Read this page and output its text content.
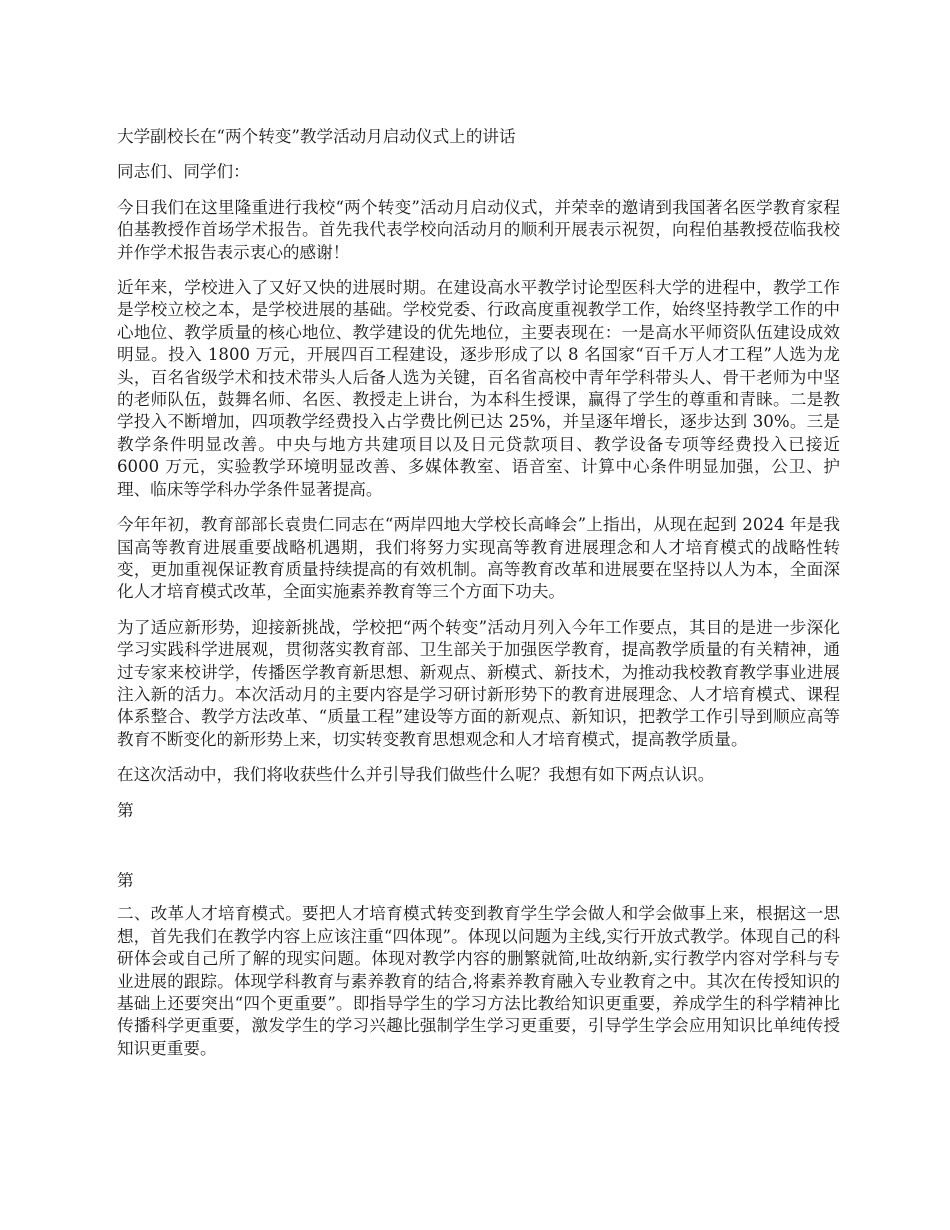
大学副校长在“两个转变”教学活动月启动仪式上的讲话

同志们、同学们：

今日我们在这里隆重进行我校“两个转变”活动月启动仪式，并荣幸的邀请到我国著名医学教育家程伯基教授作首场学术报告。首先我代表学校向活动月的顺利开展表示祝贺，向程伯基教授莅临我校并作学术报告表示衷心的感谢！

近年来，学校进入了又好又快的进展时期。在建设高水平教学讨论型医科大学的进程中，教学工作是学校立校之本，是学校进展的基础。学校党委、行政高度重视教学工作，始终坚持教学工作的中心地位、教学质量的核心地位、教学建设的优先地位，主要表现在：一是高水平师资队伍建设成效明显。投入 1800 万元，开展四百工程建设，逐步形成了以 8 名国家“百千万人才工程”人选为龙头，百名省级学术和技术带头人后备人选为关键，百名省高校中青年学科带头人、骨干老师为中坚的老师队伍，鼓舞名师、名医、教授走上讲台，为本科生授课，赢得了学生的尊重和青睐。二是教学投入不断增加，四项教学经费投入占学费比例已达 25%，并呈逐年增长，逐步达到 30%。三是教学条件明显改善。中央与地方共建项目以及日元贷款项目、教学设备专项等经费投入已接近 6000 万元，实验教学环境明显改善、多媒体教室、语音室、计算中心条件明显加强，公卫、护理、临床等学科办学条件显著提高。

今年年初，教育部部长袁贵仁同志在“两岸四地大学校长高峰会”上指出，从现在起到 2024 年是我国高等教育进展重要战略机遇期，我们将努力实现高等教育进展理念和人才培育模式的战略性转变，更加重视保证教育质量持续提高的有效机制。高等教育改革和进展要在坚持以人为本，全面深化人才培育模式改革，全面实施素养教育等三个方面下功夫。

为了适应新形势，迎接新挑战，学校把“两个转变”活动月列入今年工作要点，其目的是进一步深化学习实践科学进展观，贯彻落实教育部、卫生部关于加强医学教育，提高教学质量的有关精神，通过专家来校讲学，传播医学教育新思想、新观点、新模式、新技术，为推动我校教育教学事业进展注入新的活力。本次活动月的主要内容是学习研讨新形势下的教育进展理念、人才培育模式、课程体系整合、教学方法改革、“质量工程”建设等方面的新观点、新知识，把教学工作引导到顺应高等教育不断变化的新形势上来，切实转变教育思想观念和人才培育模式，提高教学质量。

在这次活动中，我们将收获些什么并引导我们做些什么呢？我想有如下两点认识。

第

第

二、改革人才培育模式。要把人才培育模式转变到教育学生学会做人和学会做事上来，根据这一思想，首先我们在教学内容上应该注重“四体现”。体现以问题为主线,实行开放式教学。体现自己的科研体会或自己所了解的现实问题。体现对教学内容的删繁就简,吐故纳新,实行教学内容对学科与专业进展的跟踪。体现学科教育与素养教育的结合,将素养教育融入专业教育之中。其次在传授知识的基础上还要突出“四个更重要”。即指导学生的学习方法比教给知识更重要，养成学生的科学精神比传播科学更重要，激发学生的学习兴趣比强制学生学习更重要，引导学生学会应用知识比单纯传授知识更重要。
